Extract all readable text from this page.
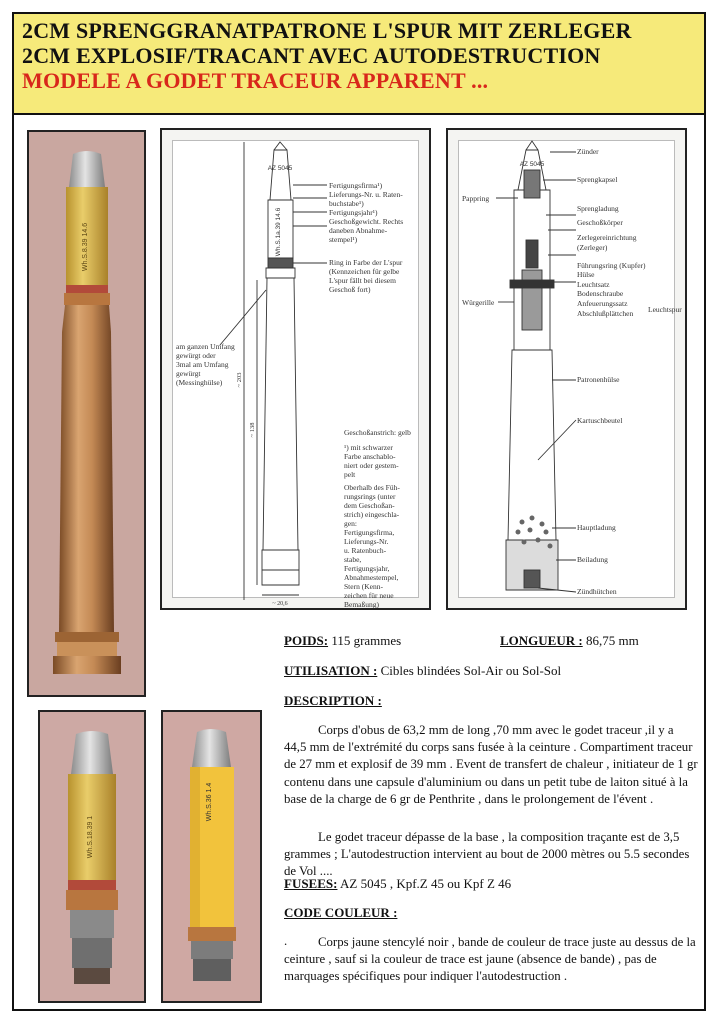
2CM SPRENGGRANATPATRONE L'SPUR MIT ZERLEGER
2CM EXPLOSIF/TRACANT AVEC AUTODESTRUCTION
MODELE A GODET TRACEUR APPARENT ...
Wh.S.8.39 14.6
Wh.S.18.39 1
Wh.S.36 1.4
AZ 5045
Wh.S.1a.39 14.6
~ 203
~ 138
~ 20,6
Fertigungsfirma¹)
Lieferungs-Nr. u. Raten-
buchstabe¹)
Fertigungsjahr¹)
Geschoßgewicht. Rechts
daneben Abnahme-
stempel¹)
Ring in Farbe der L'spur
(Kennzeichen für gelbe
L'spur fällt bei diesem
Geschoß fort)
am ganzen Umfang
gewürgt oder
3mal am Umfang
gewürgt
(Messinghülse)
Geschoßanstrich: gelb
¹) mit schwarzer
Farbe anschablo-
niert oder gestem-
pelt
Oberhalb des Füh-
rungsrings (unter
dem Geschoßan-
strich) eingeschla-
gen:
Fertigungsfirma,
Lieferungs-Nr.
u. Ratenbuch-
stabe,
Fertigungsjahr,
Abnahmestempel,
Stern (Kenn-
zeichen für neue
Bemaßung)
AZ 5045
Zünder
Sprengkapsel
Sprengladung
Geschoßkörper
Zerlegereinrichtung
(Zerleger)
Führungsring (Kupfer)
Hülse
Leuchtsatz
Bodenschraube
Anfeuerungssatz
Abschlußplättchen
Patronenhülse
Kartuschbeutel
Hauptladung
Beiladung
Zündhütchen
Leuchtspur
Pappring
Würgerille
POIDS: 115 grammes	LONGUEUR : 86,75 mm
UTILISATION : Cibles blindées Sol-Air ou Sol-Sol
DESCRIPTION :
Corps d'obus de 63,2 mm de long ,70 mm avec le godet traceur ,il y a 44,5 mm de l'extrémité du corps sans fusée à la ceinture . Compartiment traceur de 27 mm et explosif de 39 mm . Event de transfert de chaleur , initiateur de 1 gr contenu dans une capsule d'aluminium ou dans un petit tube de laiton situé à la base de la charge de 6 gr de Penthrite , dans le prolongement de l'évent .
Le godet traceur dépasse de la base , la composition traçante est de 3,5 grammes ; L'autodestruction intervient au bout de 2000 mètres ou 5.5 secondes de Vol ....
FUSEES: AZ 5045 , Kpf.Z 45 ou Kpf Z 46
CODE COULEUR :
.	Corps jaune stencylé noir , bande de couleur de trace juste au dessus de la ceinture , sauf si la couleur de trace est jaune (absence de bande) , pas de marquages spécifiques pour indiquer l'autodestruction .
